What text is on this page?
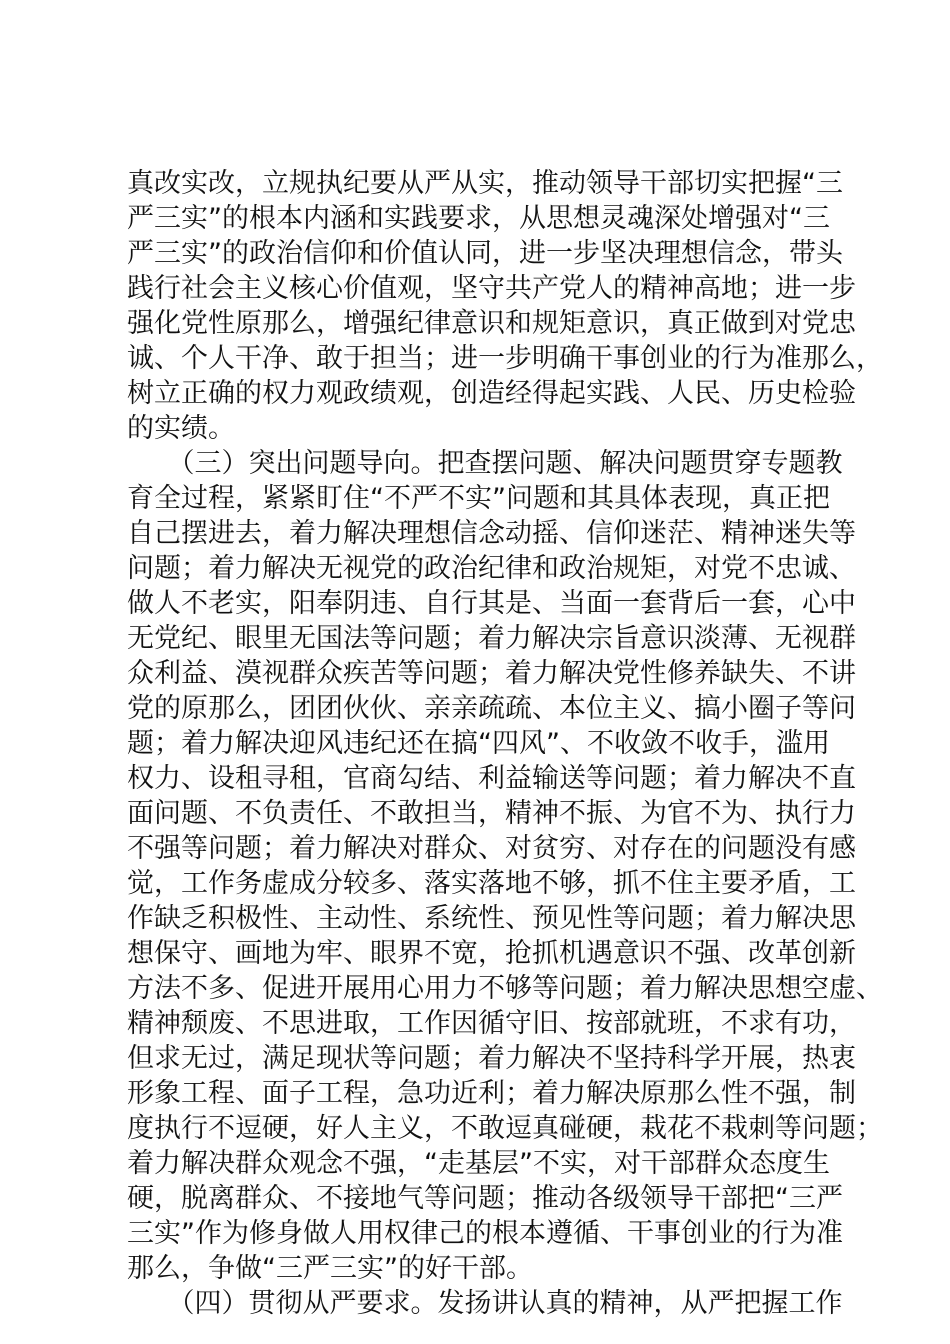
真改实改，立规执纪要从严从实，推动领导干部切实把握“三
严三实”的根本内涵和实践要求，从思想灵魂深处增强对“三
严三实”的政治信仰和价值认同，进一步坚决理想信念，带头
践行社会主义核心价值观，坚守共产党人的精神高地；进一步
强化党性原那么，增强纪律意识和规矩意识，真正做到对党忠
诚、个人干净、敢于担当；进一步明确干事创业的行为准那么，
树立正确的权力观政绩观，创造经得起实践、人民、历史检验
的实绩。
　　（三）突出问题导向。把查摆问题、解决问题贯穿专题教
育全过程，紧紧盯住“不严不实”问题和其具体表现，真正把
自己摆进去，着力解决理想信念动摇、信仰迷茫、精神迷失等
问题；着力解决无视党的政治纪律和政治规矩，对党不忠诚、
做人不老实，阳奉阴违、自行其是、当面一套背后一套，心中
无党纪、眼里无国法等问题；着力解决宗旨意识淡薄、无视群
众利益、漠视群众疾苦等问题；着力解决党性修养缺失、不讲
党的原那么，团团伙伙、亲亲疏疏、本位主义、搞小圈子等问
题；着力解决迎风违纪还在搞“四风”、不收敛不收手，滥用
权力、设租寻租，官商勾结、利益输送等问题；着力解决不直
面问题、不负责任、不敢担当，精神不振、为官不为、执行力
不强等问题；着力解决对群众、对贫穷、对存在的问题没有感
觉，工作务虚成分较多、落实落地不够，抓不住主要矛盾，工
作缺乏积极性、主动性、系统性、预见性等问题；着力解决思
想保守、画地为牢、眼界不宽，抢抓机遇意识不强、改革创新
方法不多、促进开展用心用力不够等问题；着力解决思想空虚、
精神颓废、不思进取，工作因循守旧、按部就班，不求有功，
但求无过，满足现状等问题；着力解决不坚持科学开展，热衷
形象工程、面子工程，急功近利；着力解决原那么性不强，制
度执行不逗硬，好人主义，不敢逗真碰硬，栽花不栽刺等问题；
着力解决群众观念不强，“走基层”不实，对干部群众态度生
硬，脱离群众、不接地气等问题；推动各级领导干部把“三严
三实”作为修身做人用权律己的根本遵循、干事创业的行为准
那么，争做“三严三实”的好干部。
　　（四）贯彻从严要求。发扬讲认真的精神，从严把握工作
